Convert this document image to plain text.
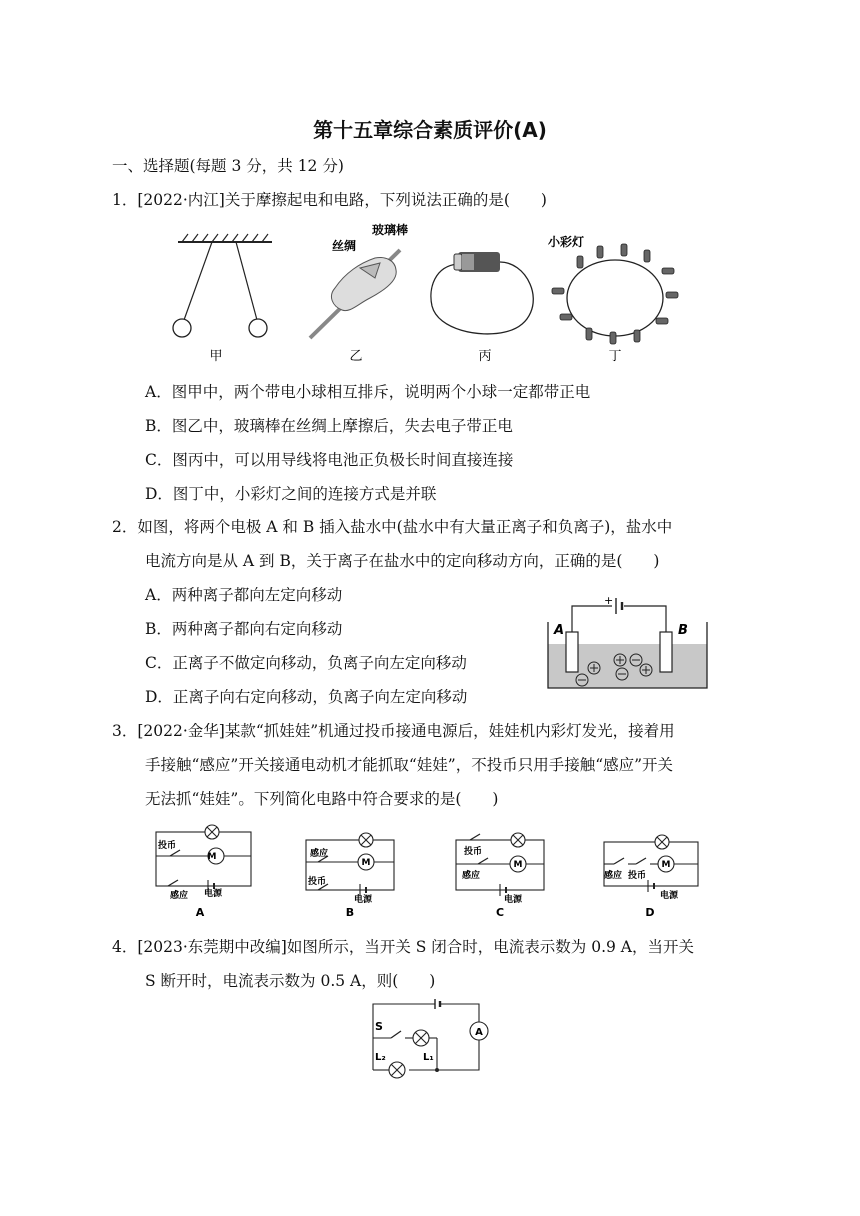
第十五章综合素质评价(A)
一、选择题(每题 3 分，共 12 分)
1．[2022·内江]关于摩擦起电和电路，下列说法正确的是(　　)
甲
丝绸
玻璃棒
乙	丙
小彩灯
丁
A．图甲中，两个带电小球相互排斥，说明两个小球一定都带正电
B．图乙中，玻璃棒在丝绸上摩擦后，失去电子带正电
C．图丙中，可以用导线将电池正负极长时间直接连接
D．图丁中，小彩灯之间的连接方式是并联
2．如图，将两个电极 A 和 B 插入盐水中(盐水中有大量正离子和负离子)，盐水中
电流方向是从 A 到 B，关于离子在盐水中的定向移动方向，正确的是(　　)
A．两种离子都向左定向移动
B．两种离子都向右定向移动
C．正离子不做定向移动，负离子向左定向移动
D．正离子向右定向移动，负离子向左定向移动
+
A	B
3．[2022·金华]某款“抓娃娃”机通过投币接通电源后，娃娃机内彩灯发光，接着用
手接触“感应”开关接通电动机才能抓取“娃娃”，不投币只用手接触“感应”开关
无法抓“娃娃”。下列简化电路中符合要求的是(　　)
M
投币
感应 电源
A
M
感应
投币
电源
B
M
投币
感应
电源
C
M
感应 投币
电源
D
4．[2023·东莞期中改编]如图所示，当开关 S 闭合时，电流表示数为 0.9 A，当开关
S 断开时，电流表示数为 0.5 A，则(　　)
S
L₁
L₂
A
